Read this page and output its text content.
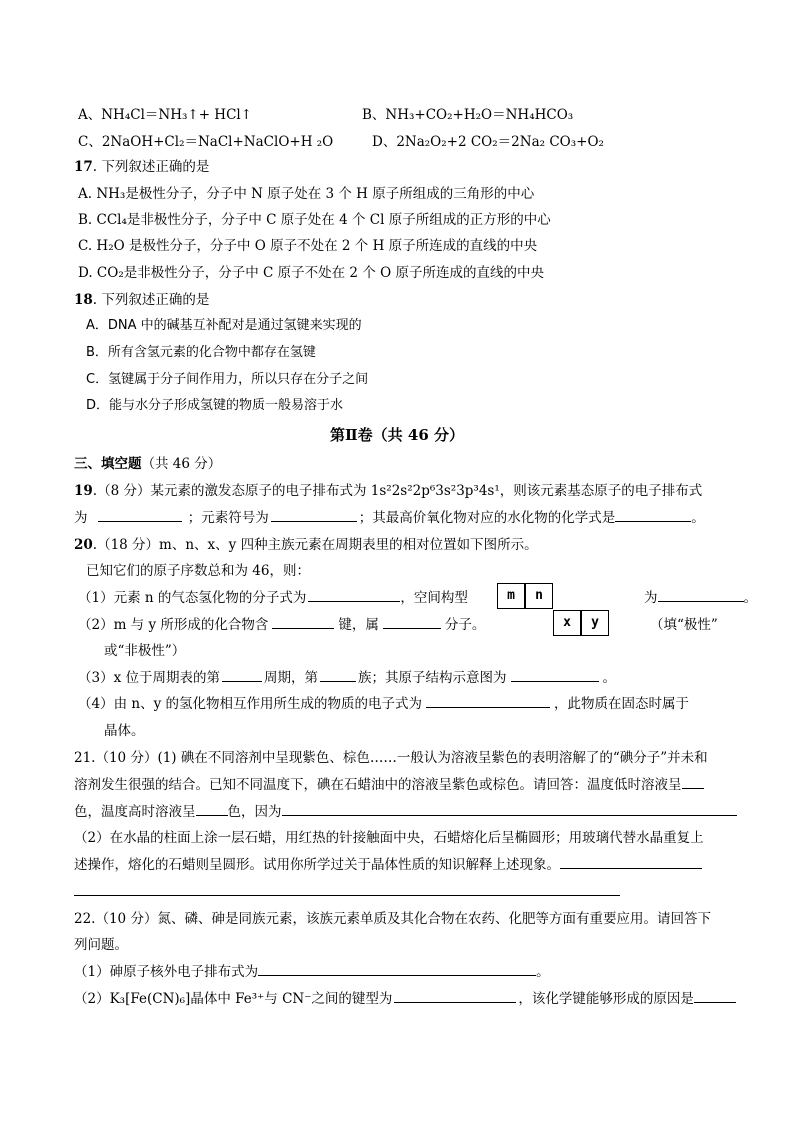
A、NH₄Cl＝NH₃↑+ HCl↑	B、NH₃+CO₂+H₂O＝NH₄HCO₃
C、2NaOH+Cl₂＝NaCl+NaClO+H ₂O	D、2Na₂O₂+2 CO₂＝2Na₂ CO₃+O₂
17. 下列叙述正确的是
A. NH₃是极性分子，分子中 N 原子处在 3 个 H 原子所组成的三角形的中心
B. CCl₄是非极性分子，分子中 C 原子处在 4 个 Cl 原子所组成的正方形的中心
C. H₂O 是极性分子，分子中 O 原子不处在 2 个 H 原子所连成的直线的中央
D. CO₂是非极性分子，分子中 C 原子不处在 2 个 O 原子所连成的直线的中央
18. 下列叙述正确的是
A．DNA 中的碱基互补配对是通过氢键来实现的
B．所有含氢元素的化合物中都存在氢键
C．氢键属于分子间作用力，所以只存在分子之间
D．能与水分子形成氢键的物质一般易溶于水
第Ⅱ卷（共 46 分）
三、填空题（共 46 分）
19.（8 分）某元素的激发态原子的电子排布式为 1s²2s²2p⁶3s²3p³4s¹，则该元素基态原子的电子排布式
为	；元素符号为	；其最高价氧化物对应的水化物的化学式是	。
20.（18 分）m、n、x、y 四种主族元素在周期表里的相对位置如下图所示。
已知它们的原子序数总和为 46，则：
（1）元素 n 的气态氢化物的分子式为	，空间构型	为	。
m	n
x	y
（2）m 与 y 所形成的化合物含	键，属	分子。	（填“极性”
或“非极性”）
（3）x 位于周期表的第	周期，第	族；其原子结构示意图为	。
（4）由 n、y 的氢化物相互作用所生成的物质的电子式为	，此物质在固态时属于
晶体。
21.（10 分）(1) 碘在不同溶剂中呈现紫色、棕色……一般认为溶液呈紫色的表明溶解了的“碘分子”并未和
溶剂发生很强的结合。已知不同温度下，碘在石蜡油中的溶液呈紫色或棕色。请回答：温度低时溶液呈
色，温度高时溶液呈 色，因为
（2）在水晶的柱面上涂一层石蜡，用红热的针接触面中央，石蜡熔化后呈椭圆形；用玻璃代替水晶重复上
述操作，熔化的石蜡则呈圆形。试用你所学过关于晶体性质的知识解释上述现象。
22.（10 分）氮、磷、砷是同族元素，该族元素单质及其化合物在农药、化肥等方面有重要应用。请回答下
列问题。
（1）砷原子核外电子排布式为	。
（2）K₃[Fe(CN)₆]晶体中 Fe³⁺与 CN⁻之间的键型为	，该化学键能够形成的原因是
